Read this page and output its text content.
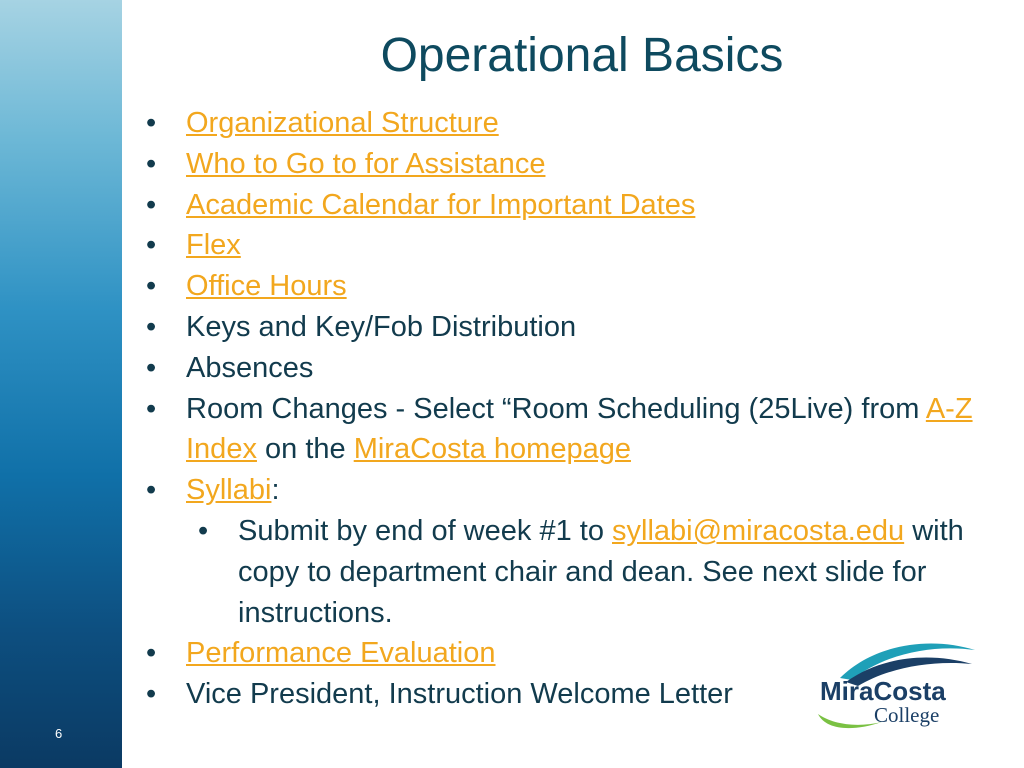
6
Operational Basics
• Organizational Structure
• Who to Go to for Assistance
• Academic Calendar for Important Dates
• Flex
• Office Hours
• Keys and Key/Fob Distribution
• Absences
• Room Changes - Select “Room Scheduling (25Live) from A-Z Index on the MiraCosta homepage
• Syllabi:
• Submit by end of week #1 to syllabi@miracosta.edu with copy to department chair and dean. See next slide for instructions.
• Performance Evaluation
• Vice President, Instruction Welcome Letter	MiraCosta
College
